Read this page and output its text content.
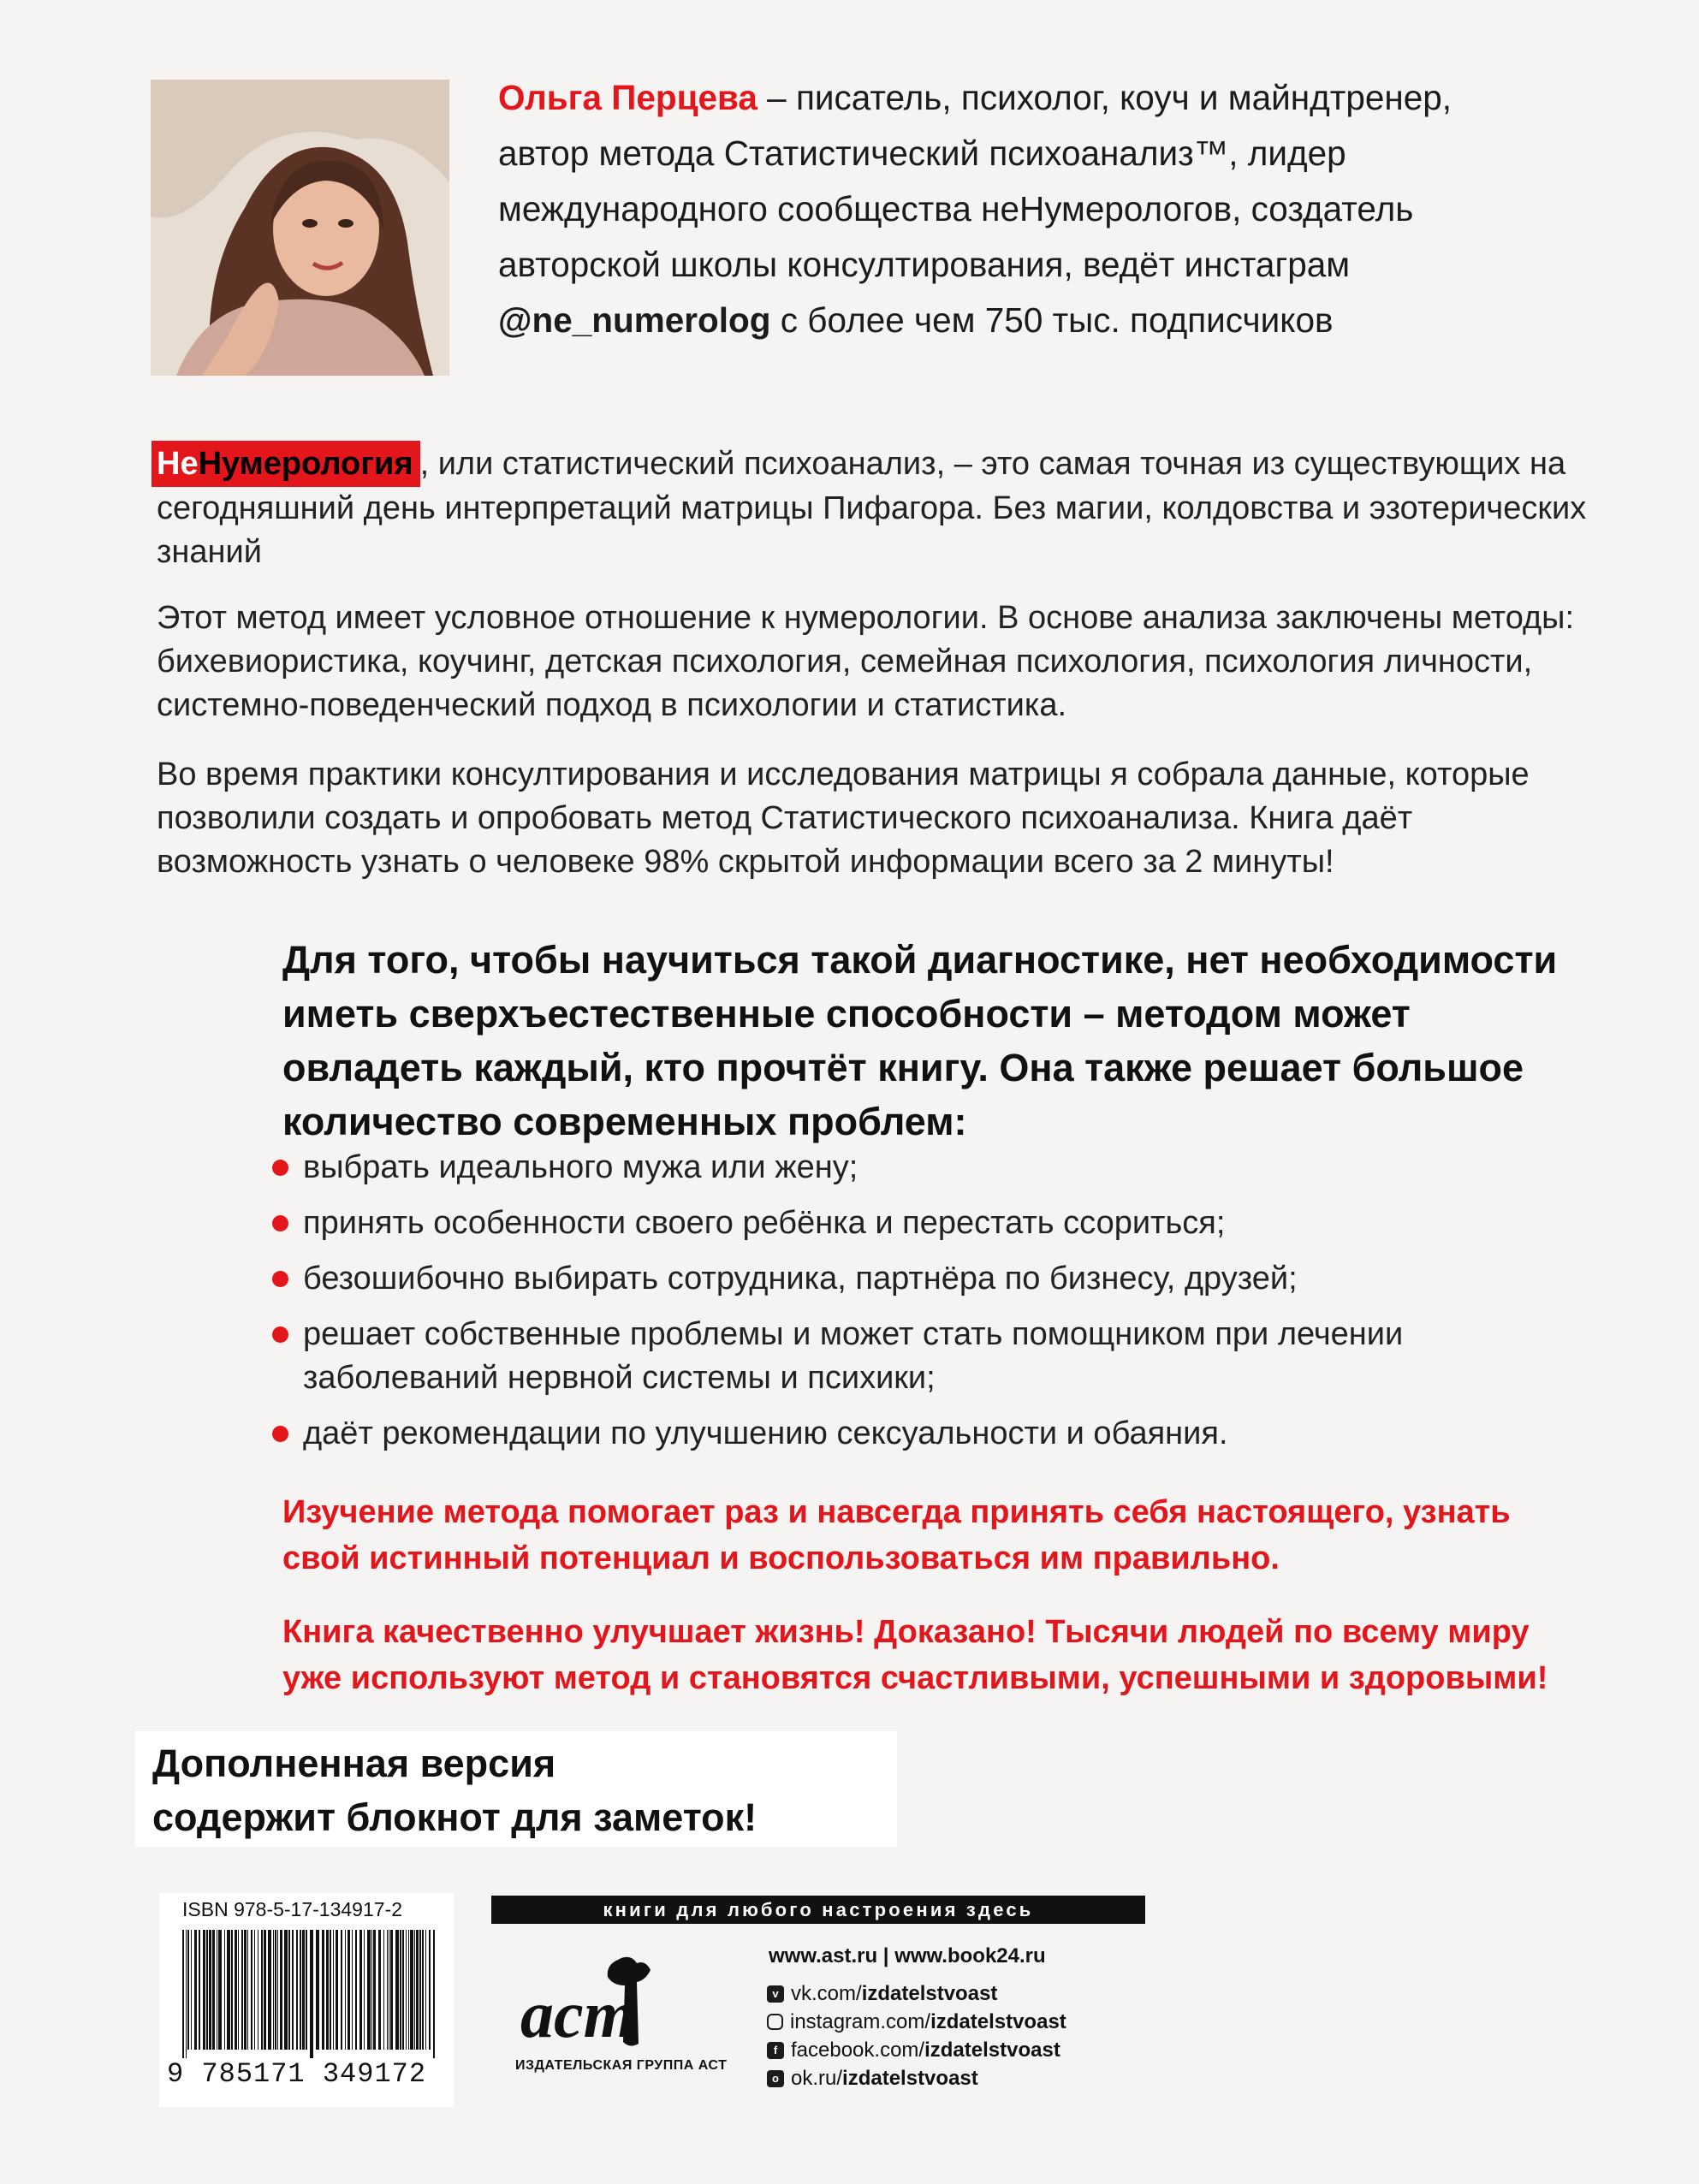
Ольга Перцева – писатель, психолог, коуч и майндтренер,
автор метода Статистический психоанализ™, лидер
международного сообщества неНумерологов, создатель
авторской школы консултирования, ведёт инстаграм
@ne_numerolog с более чем 750 тыс. подписчиков
НеНумерология , или статистический психоанализ, – это самая точная из существующих на сегодняшний день интерпретаций матрицы Пифагора. Без магии, колдовства и эзотерических знаний
Этот метод имеет условное отношение к нумерологии. В основе анализа заключены методы: бихевиористика, коучинг, детская психология, семейная психология, психология личности, системно-поведенческий подход в психологии и статистика.
Во время практики консултирования и исследования матрицы я собрала данные, которые позволили создать и опробовать метод Статистического психоанализа. Книга даёт возможность узнать о человеке 98% скрытой информации всего за 2 минуты!
Для того, чтобы научиться такой диагностике, нет необходимости иметь сверхъестественные способности – методом может овладеть каждый, кто прочтёт книгу. Она также решает большое количество современных проблем:
выбрать идеального мужа или жену;
принять особенности своего ребёнка и перестать ссориться;
безошибочно выбирать сотрудника, партнёра по бизнесу, друзей;
решает собственные проблемы и может стать помощником при лечении заболеваний нервной системы и психики;
даёт рекомендации по улучшению сексуальности и обаяния.
Изучение метода помогает раз и навсегда принять себя настоящего, узнать свой истинный потенциал и воспользоваться им правильно.
Книга качественно улучшает жизнь! Доказано! Тысячи людей по всему миру уже используют метод и становятся счастливыми, успешными и здоровыми!
Дополненная версия
содержит блокнот для заметок!
ISBN 978-5-17-134917-2
9 785171 349172
книги для любого настроения здесь
аст
ИЗДАТЕЛЬСКАЯ ГРУППА АСТ
www.ast.ru | www.book24.ru
v vk.com/ izdatelstvoast
instagram.com/ izdatelstvoast
f facebook.com/ izdatelstvoast
o ok.ru/ izdatelstvoast
